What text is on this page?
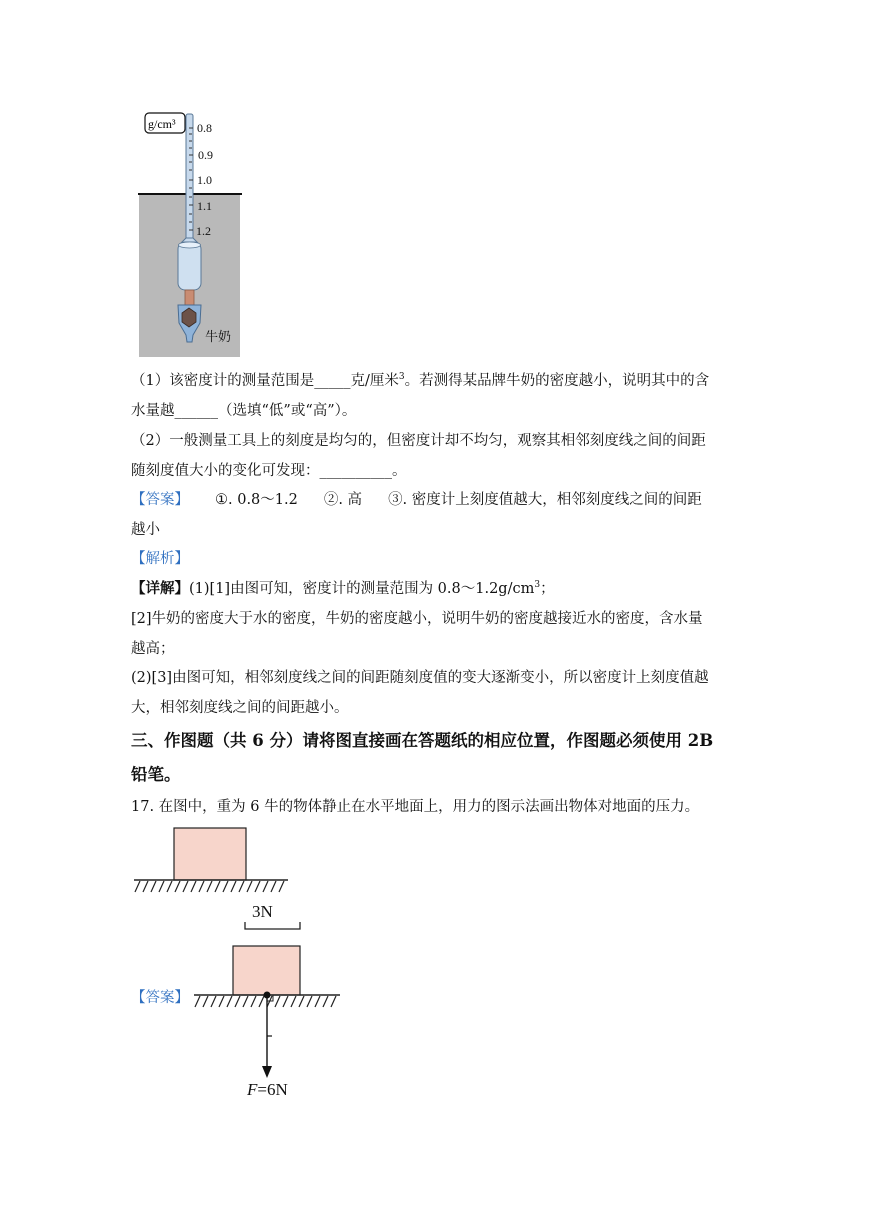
g/cm³ 0.8
0.9
1.0
1.1
1.2
牛奶
（1）该密度计的测量范围是_____克/厘米$^3$。若测得某品牌牛奶的密度越小，说明其中的含
水量越______（选填“低”或“高”）。
（2）一般测量工具上的刻度是均匀的，但密度计却不均匀，观察其相邻刻度线之间的间距
随刻度值大小的变化可发现：__________。
【答案】 ①. 0.8～1.2 ②. 高 ③. 密度计上刻度值越大，相邻刻度线之间的间距
越小
【解析】
【详解】(1)[1]由图可知，密度计的测量范围为 $0.8\sim 1.2g/cm^3$；
[2]牛奶的密度大于水的密度，牛奶的密度越小，说明牛奶的密度越接近水的密度，含水量
越高；
(2)[3]由图可知，相邻刻度线之间的间距随刻度值的变大逐渐变小，所以密度计上刻度值越
大，相邻刻度线之间的间距越小。
三、作图题（共 6 分）请将图直接画在答题纸的相应位置，作图题必须使用 2B
铅笔。
17. 在图中，重为 6 牛的物体静止在水平地面上，用力的图示法画出物体对地面的压力。
【答案】
3N
F=6N
